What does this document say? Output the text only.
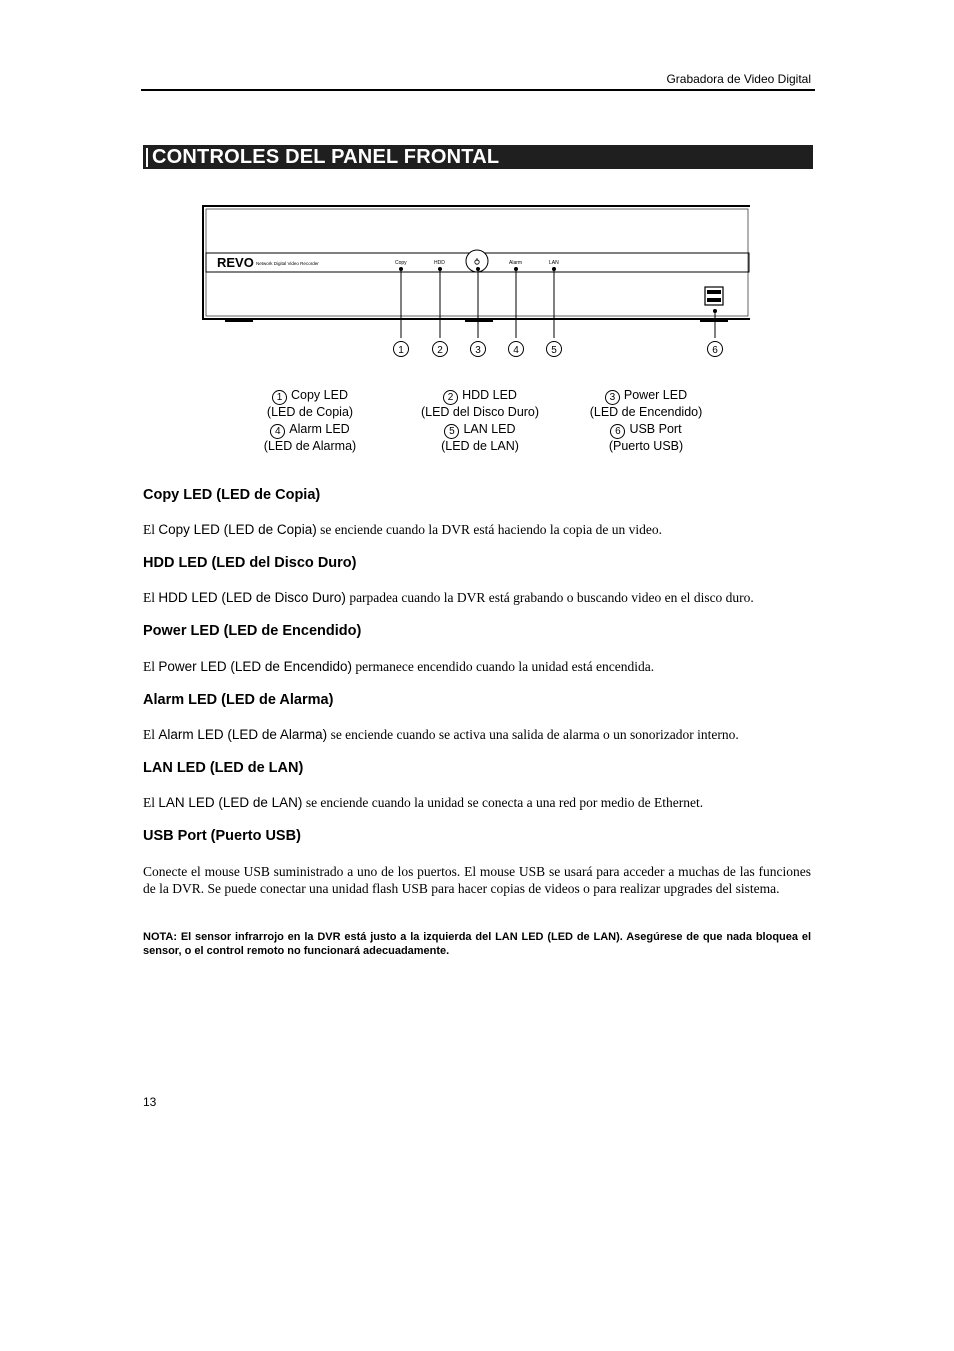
Grabadora de Video Digital
CONTROLES DEL PANEL FRONTAL
REVO Network Digital Video Recorder	Copy	HDD	Alarm	LAN
1	2	3	4	5	6
1 Copy LED
(LED de Copia)
2 HDD LED
(LED del Disco Duro)
3 Power LED
(LED de Encendido)
4 Alarm LED
(LED de Alarma)
5 LAN LED
(LED de LAN)
6 USB Port
(Puerto USB)
Copy LED (LED de Copia)
El Copy LED (LED de Copia) se enciende cuando la DVR está haciendo la copia de un video.
HDD LED (LED del Disco Duro)
El HDD LED (LED de Disco Duro) parpadea cuando la DVR está grabando o buscando video en el disco duro.
Power LED (LED de Encendido)
El Power LED (LED de Encendido) permanece encendido cuando la unidad está encendida.
Alarm LED (LED de Alarma)
El Alarm LED (LED de Alarma) se enciende cuando se activa una salida de alarma o un sonorizador interno.
LAN LED (LED de LAN)
El LAN LED (LED de LAN) se enciende cuando la unidad se conecta a una red por medio de Ethernet.
USB Port (Puerto USB)
Conecte el mouse USB suministrado a uno de los puertos. El mouse USB se usará para acceder a muchas de las funciones de la DVR. Se puede conectar una unidad flash USB para hacer copias de videos o para realizar upgrades del sistema.
NOTA: El sensor infrarrojo en la DVR está justo a la izquierda del LAN LED (LED de LAN). Asegúrese de que nada bloquea el sensor, o el control remoto no funcionará adecuadamente.
13
